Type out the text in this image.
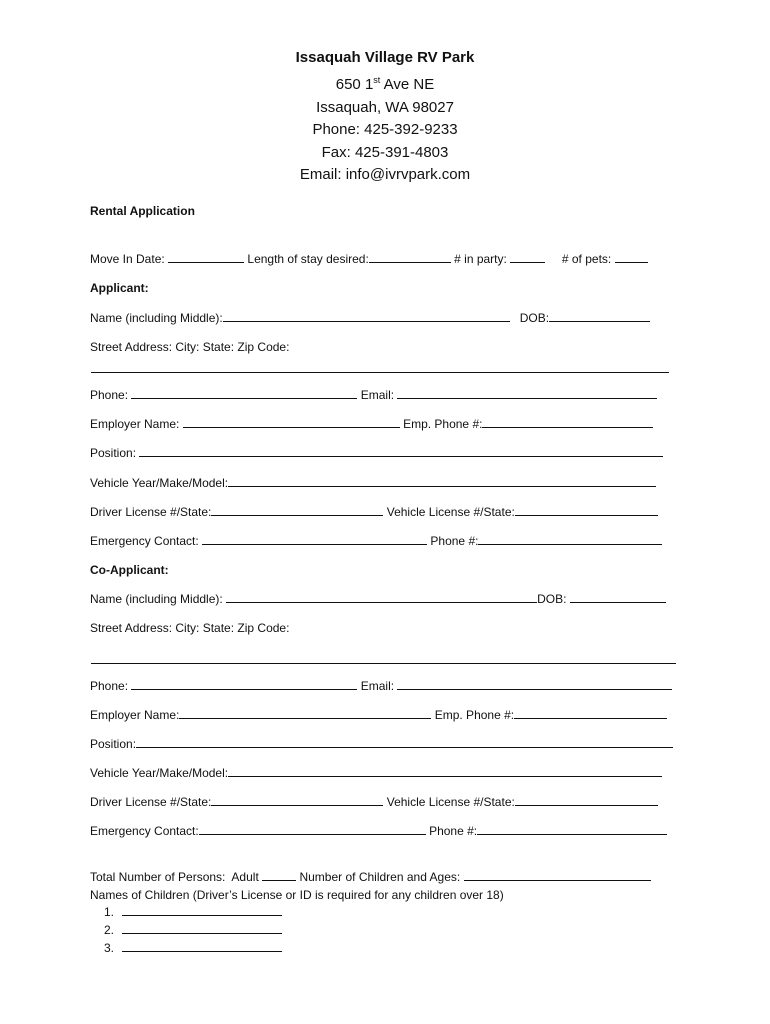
Issaquah Village RV Park
650 1st Ave NE
Issaquah, WA 98027
Phone: 425-392-9233
Fax: 425-391-4803
Email: info@ivrvpark.com
Rental Application
Move In Date:	Length of stay desired:	# in party:	# of pets:
Applicant:
Name (including Middle):	DOB:
Street Address: City: State: Zip Code:
Phone:	Email:
Employer Name:	Emp. Phone #:
Position:
Vehicle Year/Make/Model:
Driver License #/State:	Vehicle License #/State:
Emergency Contact:	Phone #:
Co-Applicant:
Name (including Middle):	DOB:
Street Address: City: State: Zip Code:
Phone:	Email:
Employer Name:	Emp. Phone #:
Position:
Vehicle Year/Make/Model:
Driver License #/State:	Vehicle License #/State:
Emergency Contact:	Phone #:
Total Number of Persons: Adult	Number of Children and Ages:
Names of Children (Driver’s License or ID is required for any children over 18)
1.
2.
3.
